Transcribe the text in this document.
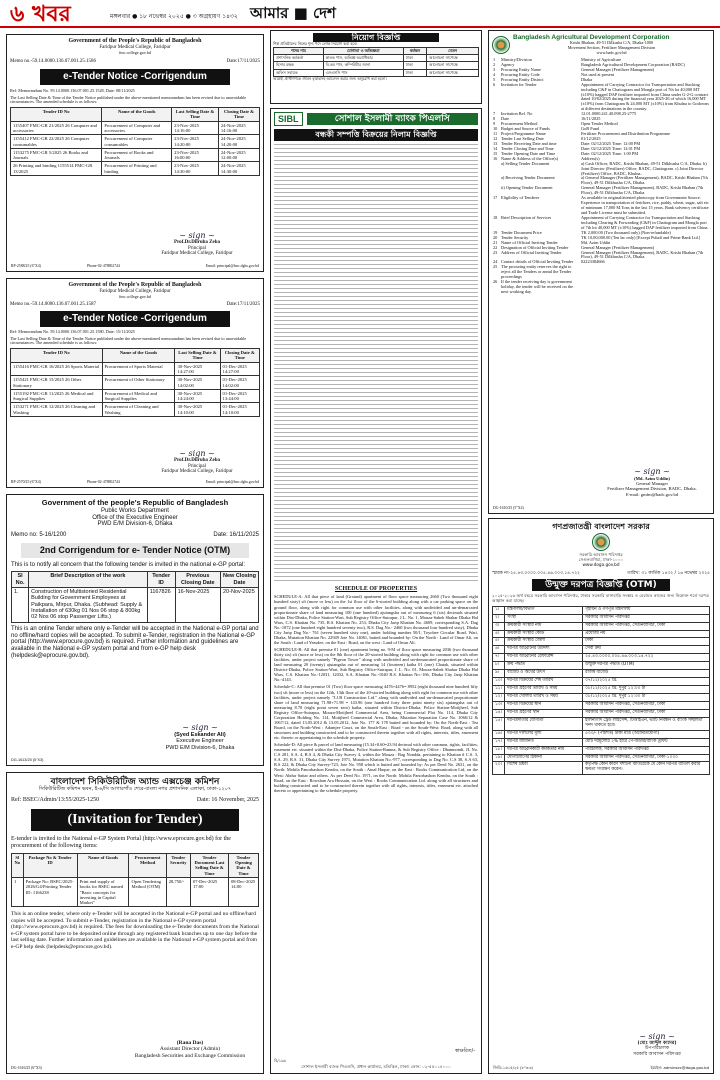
৬ খবর	মঙ্গলবার ● ১৮ নভেম্বর ২০২৫ ● ৩ অগ্রহায়ণ ১৪৩২ আমার ■ দেশ
Government of the People's Republic of Bangladesh
Faridpur Medical College, Faridpur
fmc.college.gov.bd
Memo no.-59.14.0000.136.07.001.25.1586	Date:17/11/2025
e-Tender Notice -Corrigendum
Ref: Memorandum No. 59.14.0000.136.07.001.25.1528, Date: 08/11/2025
The Last Selling Date & Time of the Tender Notice published under the above-mentioned memorandum has been revised due to unavoidable circumstances. The amended schedule is as follows:
Tender ID No	Name of the Goods	Last Selling Date & Time	Closing Date & Time
1155407 FMC-GR 21/2025 26 Computer and accessories	Procurement of Computer and accessories	23-Nov-2025 14:16:00	24-Nov-2025 14:16:00
1155412 FMC-GR 22/2025 26 Computer consumables	Procurement of Computer consumables	23-Nov-2025 14:20:00	24-Nov-2025 14:20:00
1153275 FMC-GR 5/2025 26 Books and Journals	Procurement of Books and Journals	23-Nov-2025 16:00:00	24-Nov-2025 12:00:00
26 Printing and binding 1155514 FMC-GR 13/2025	Procurement of Printing and binding	23-Nov-2025 14:30:00	24-Nov-2025 14:30:00
~ sign ~
Prof.Dr.Dilruba Zeba
Principal
Faridpur Medical College, Faridpur
RP-2588/25 (6"X4)	Phone-02-478802744	Email: principal@fmc.dghs.gov.bd
Government of the People's Republic of Bangladesh
Faridpur Medical College, Faridpur
fmc.college.gov.bd
Memo no.-59.14.0000.136.07.001.25.1587	Date:17/11/2025
e-Tender Notice -Corrigendum
Ref: Memorandum No. 59.14.0000.136.07.001.25.1580, Date: 15/11/2025
The Last Selling Date & Time of the Tender Notice published under the above-mentioned memorandum has been revised due to unavoidable circumstances. The amended schedule is as follows:
Tender ID No	Name of the Goods	Last Selling Date & Time	Closing Date & Time
1155416 FMC-GR 16/2025 26 Sports Material	Procurement of Sports Material	30-Nov-2025 14:27:00	01-Dec-2025 14:27:00
1155421 FMC-GR 15/2025 26 Other Stationary	Procurement of Other Stationary	30-Nov-2025 14:02:00	01-Dec-2025 14:02:00
1155192 FMC-GR 11/2025 26 Medical and Surgical Supplies	Procurement of Medical and Surgical Supplies	30-Nov-2025 14:24:00	01-Dec-2025 13:44:00
1153271 FMC-GR 12/2025 26 Cleaning and Washing	Procurement of Cleaning and Washing	30-Nov-2025 14:10:00	01-Dec-2025 14:10:00
~ sign ~
Prof.Dr.Dilruba Zeba
Principal
Faridpur Medical College, Faridpur
RP-2570/25 (6"X4)	Phone-02-478802744	Email: principal@fmc.dghs.gov.bd
Government of the people's Republic of Bangladesh
Public Works Department
Office of the Executive Engineer
PWD E/M Division-6, Dhaka
Memo no: 5-16/1200	Date: 16/11/2025
2nd Corrigendum for e- Tender Notice (OTM)
This is to notify all concern that the following tender is invited in the national e-GP portal:
Sl No.	Brief Description of the work	Tender ID	Previous Closing Date	New Closing Date
1.	Construction of Multistoried Residential Building for Government Employees at Paikpara, Mirpur, Dhaka. (Subhead: Supply & Installation of 630kg 01 Nos 06 stop & 800kg 02 Nos 06 stop Passenger Lifts.)	1167826	16-Nov-2025	20-Nov-2025
This is an online Tender where only e-Tender will be accepted in the National e-GP portal and no offline/hard copies will be accepted. To submit e-Tender, registration in the National e-GP portal (http://www.eprocure.gov.bd) is required. Further information and guidelines are available in the National e-GP system portal and from e-GP help desk (helpdesk@eprocure.gov.bd).
~ sign ~
(Syed Eskander Ali)
Executive Engineer
PWD E/M Division-6, Dhaka
DG-1613/25 (5"X3)
বাংলাদেশ সিকিউরিটিজ অ্যান্ড এক্সচেঞ্জ কমিশন
সিকিউরিটিজ কমিশন ভবন, ই-৬/সি আগারগাঁও শেরে-বাংলা নগর প্রশাসনিক এলাকা, ঢাকা-১২০৭
Ref: BSEC/Admin/13:55/2025-1250	Date: 16 November, 2025
(Invitation for Tender)
E-tender is invited to the National e-GP System Portal (http://www.eprocure.gov.bd) for the procurement of the following items:
Sl No	Package No & Tender ID	Name of Goods	Procurement Method	Tender Security	Tender Document Last Selling Date & Time	Tender Opening Date & Time
1	Package No: BSEC/2025-2026/G4/Printing Tender ID: 1166238	Print and supply of books for BSEC named "Basic concepts for investing in Capital Market"	Open Tendering Method (OTM)	28,750/-	07-Dec-2025 17:00	08-Dec-2025 14:00
This is an online tender, where only e-Tender will be accepted in the National e-GP portal and no offline/hard copies will be accepted. To submit e-Tender, registration in the National e-GP system portal (http://www.eprocure.gov.bd) is required. The fees for downloading the e-Tender documents from the National e-GP system portal have to be deposited online through any registered bank branches up to one day before the last selling date. Further information and guidelines are available in the National e-GP system portal and from e-GP help desk (helpdesk@eprocure.gov.bd).
(Rana Das)
Assistant Director (Admin)
Bangladesh Securities and Exchange Commission
DG-1616/25 (6"X3)
নিয়োগ বিজ্ঞপ্তি
শিল্প প্রতিষ্ঠানের নিম্নের শূন্য পদে লোক নিয়োগ করা হবে।
পদের নাম	যোগ্যতা ও অভিজ্ঞতা	কর্মস্থল	বেতন
প্রশাসনিক কর্মকর্তা	স্নাতক পাস, অভিজ্ঞ অগ্রাধিকার	ঢাকা	আলোচনা সাপেক্ষে
হিসাব রক্ষক	বি.কম পাস, কম্পিউটার জানা	ঢাকা	আলোচনা সাপেক্ষে
অফিস সহায়ক	এসএসসি পাস	ঢাকা	আলোচনা সাপেক্ষে
আগ্রহী প্রার্থীগণকে জীবন বৃত্তান্তসহ আবেদন করার জন্য অনুরোধ করা হলো।
SIBL	সোশাল ইসলামী ব্যাংক পিএলসি
বন্ধকী সম্পত্তি বিক্রয়ের নিলাম বিজ্ঞপ্তি
SCHEDULE OF PROPERTIES
SCHEDULE-A: All that piece of land (Ground) apartment of floor space measuring 2660 (Two thousand eight hundred sixty) sft (more or less) on the 1st floor of the 6-storied building along with a car parking space on the ground floor, along with right for common use with other facilities, along with undivided and un-demarcated proportionate share of land measuring 100 (one hundred) ajutangsha out of measuring 6 (six) decimals situated within Dist-Dhaka, Police Station-Wari, Sub Registry Office-Sutrapur, J.L. No. 1, Mouza-Sabek Shahar Dhaka Hal Wars, C.S. Khatian No. 735, R.S. Khatian No. 253, Dhaka City Jarip Khatian No. 4609, corresponding S.A. Dag No.-1872 (one hundred eight hundred seventy two), R.S. Dag No.- 2460 (two thousand four hundred sixty), Dhaka City Jarip Dag No.- 761 (seven hundred sixty one), under holding number 50/1, Toyobee Circular Road, Wari, Dhaka, Mutation Khatian No. 22949 Jote No. 14061, butted and bounded by: On the North : Land of Omar Ali, on the South : Land of Yeasdee, on the East : Road, on the west : Land of Omar Ali.
SCHEDULE-B: All that premise 01 (one) apartment being no. 9-M of floor space measuring 2036 (two thousand thirty six) sft (more or less) on the 8th floor of the 20-storied building along with right for common use with other facilities, under project namely "Pigeon Tower" along with undivided and un-demarcated proportionate share of land measuring 20 (twenty) ajutangsha out of measuring 14 (fourteen) katha 01 (one) Chatak, situated within District-Dhaka, Police Station-Wari, Sub Registry Office-Sutrapur, J. L. No. 01, Mouza-Sabek Shahar Dhaka Hal Wars, C.S. Khatian No.-12031, 12032, S.A. Khatian No.-1040 R.S. Khatian No.-166, Dhaka City Jarip Khatian No.-4143.
Schedule-C: All that premise 01 (Two) floor space measuring 4476+4476= 8952 (eight thousand nine hundred fifty two) sft (more or less) on the 12th, 13th floor of the 20-storied building along with right for common use with other facilities, under project namely "J.J.B Construction Ltd." along with undivided and un-demarcated proportionate share of land measuring 71.98+71.98 = 143.96 (one hundred forty three point ninety six) ajutangsha out of measuring 8.70 (eight point seven zero) katha, situated within District-Dhaka, Police Station-Motijheel, Sub Registry Office-Sutrapur, Mouza-Motijheel Commercial Area, being Commercial Plot No. 114, Dhaka City Corporation Holding No. 114, Motijheel Commercial Area, Dhaka, Mutation Separation Case No. 1066/12 & 1067/12, dated 13.05.2012 & 13.05.2012, Jote No. 177 & 178 butted and bounded by: On the North-East : Tea Board, on the North-West : Adamjee Court, on the South-East : Road - on the South-West: Road, along with all structures and building constructed and to be constructed therein together with all rights, interests, titles, easement etc. thereto or appertaining to the schedule property.
Schedule-D: All piece & parcel of land measuring (15.34+8.60=23.94 decimal with other common, rights, facilities, easement etc. situated within the Dist-Dhaka, Police Station-Ramna, & Sub Registry Office : Dhanmondi, JL No. C.S 281, S.A. 4, R.S 4, & Dhaka City Survey 4, within the Mouza : Bag Nondda, pertaining to Khatian # C.S. 3, S.A. 29, R.S. 31, Dhaka City Survey 1971, Mutation Khatian No.-977, corresponding to Dag No. C.S 38, S.A 63, R.S 222, & Dhaka City Survey-723, Jote No. 958 which is butted and bounded by: As per Deed No. 2631, on the North: Mohila Panorbashon Kendra, on the South : Ainal Haque, on the East : Rooks Communication Ltd, on the West: Abdur Sattar and others. As per Deed No. 1971, on the North: Mohila Panorbashon Kendra, on the South : Road, on the East : Rowshan Ara Hossain, on the West : Rooks Communication Ltd. along with all structures and building constructed and to be constructed therein together with all rights, interests, titles, easement etc. attached thereto or appertaining to the schedule property.
স্বাক্ষরিত/-
সোশাল ইসলামী ব্যাংক পিএলসি, প্রধান কার্যালয়, মতিঝিল, ঢাকা। ফোন: ০২-৫৫০১৪০০০
বি/১৯৬
Bangladesh Agricultural Development Corporation
Krishi Bhaban, 49-51 Dilkusha C/A, Dhaka-1000
Movement Section, Fertilizer Management Division
www.badc.gov.bd
1	Ministry/Division	Ministry of Agriculture
2	Agency	Bangladesh Agricultural Development Corporation (BADC)
3	Procuring Entity Name	General Manager (Fertilizer Management)
4	Procuring Entity Code	Not used at present
5	Procuring Entity District	Dhaka
6	Invitation for Tender	Appointment of Carrying Contractor for Transportation and Stacking including C&F in Chattogram and Mongla port of 7th lot 40,000 MT (±10%) bagged DAP fertilizer imported from China under G-2-G contract dated 10/02/2025 during the financial year 2025-26 of which 16,000 MT (±10%) from Chattogram & 24,000 MT (±10%) from Khulna to Godowns at different destinations in the country.
7	Invitation Ref. No	12.01.0000.241.40.098.25-2775
8	Date	16/11/2025
9	Procurement Method	Open Tender Method
10	Budget and Source of Funds	GoB Fund
11	Project/Programme Name	Fertilizer Procurement and Distribution Programme
12	Tender Last Selling Date	01/12/2025
13	Tender Receiving Date and time	Date: 02/12/2025 Time: 12:00 PM
14	Tender Closing Date and Time	Date: 02/12/2025 Time: 12:01 PM
15	Tender Opening Date and Time	Date: 02/12/2025 Time: 1:00 PM
16	Name & Address of the Office(s)	Address(s)
	a) Selling Tender Document	a) Cash Officer, BADC, Krishi Bhaban, 49-51 Dilkhusha C/A, Dhaka. b) Joint Director (Fertilizer) Office, BADC, Chattogram. c) Joint Director (Fertilizer) Office, BADC, Khulna.
	a) Receiving Tender Document	a) General Manager (Fertilizer Management), BADC, Krishi Bhaban (7th Floor), 49-51 Dilkhusha C/A, Dhaka.
	ii) Opening Tender Document	General Manager (Fertilizer Management), BADC, Krishi Bhaban (7th Floor), 49-51 Dilkhusha C/A, Dhaka.
17	Eligibility of Tenderer	As available in original/attested photocopy from Government Source. Experience in transportation of fertilizer, rice, paddy, wheat, sugar, salt etc of minimum 17,000 M.Tons in the last 15 years. Bank solvency certificate and Trade License must be submitted.
18	Brief Description of Services	Appointment of Carrying Contractor for Transportation and Stacking including Clearing & Forwarding (C&F) in Chattogram and Mongla port of 7th lot 40,000 MT (±10%) bagged DAP fertilizer imported from China.
19	Tender Document Price	TK 2,000.00 (Two thousand only) (Non-refundable)
20	Tender Security	TK 10,00,000.00 (Ten lac only) [Except Pubali and Prime Bank Ltd.]
21	Name of Official Inviting Tender	Md. Azim Uddin
22	Designation of Official Inviting Tender	General Manager (Fertilizer Management)
23	Address of Official Inviting Tender	General Manager (Fertilizer Management), BADC, Krishi Bhaban (7th Floor), 49-51 Dilkhusha C/A, Dhaka.
24	Contact details of Official Inviting Tender	02223384666
25	The procuring entity reserves the right to reject all the Tenders or annul the Tender proceedings	
26	If the tender receiving day is government holiday, the tender will be received on the next working day.	
~ sign ~
(Md. Azim Uddin)
General Manager
Fertilizer Management Division, BADC, Dhaka.
E-mail: gmfm@badc.gov.bd
DG-1610/25 (5"X4)
গণপ্রজাতন্ত্রী বাংলাদেশ সরকার
সরকারি আবাসন পরিদপ্তর
সেগুনবাগিচা, ঢাকা-১০০০
www.doga.gov.bd
স্মারক নং-২৫.৪৩.০০০০.০০৫.৪৬.০০৩.১৪.৭২২	তারিখ: ৩১ কার্তিক ১৪৩২ / ১৬ নভেম্বর ২০২৫
উন্মুক্ত দরপত্র বিজ্ঞপ্তি (OTM)
২০২৫-২০২৬ অর্থ বছরে সরকারি আবাসন পরিদপ্তর, ঢাকার সরকারি বাসাবাড়ি সংস্কার ও মেরামত কাজের জন্য নিম্নোক্ত শর্তে দরপত্র আহ্বান করা যাচ্ছে।
১।	মন্ত্রণালয়/বিভাগ	গৃহায়ন ও গণপূর্ত মন্ত্রণালয়
২।	সংস্থা	সরকারি আবাসন পরিদপ্তর
৩।	ক্রয়কারী সংস্থার নাম	সরকারি আবাসন পরিদপ্তর, সেগুনবাগিচা, ঢাকা
৪।	ক্রয়কারী সংস্থার কোড	প্রযোজ্য নয়
৫।	ক্রয়কারী সংস্থার জেলা	ঢাকা
৬।	দরপত্র আহ্বানের উদ্দেশ্য	সেবা ক্রয়
৭।	দরপত্র আহ্বানের রেফারেন্স	২৫.৪৩.০০০০.০০৫.৪৬.০০৩.১৪.৭২২
৮।	ক্রয় পদ্ধতি	উন্মুক্ত দরপত্র পদ্ধতি (OTM)
৯।	বাজেট ও অর্থের উৎস	রাজস্ব বাজেট
১০।	দরপত্র বিক্রয়ের শেষ তারিখ	০৭/১২/২০২৫ খ্রি.
১১।	দরপত্র গ্রহণের তারিখ ও সময়	০৮/১২/২০২৫ খ্রি. দুপুর ১২:০০ টা
১২।	দরপত্র খোলার তারিখ ও সময়	০৮/১২/২০২৫ খ্রি. দুপুর ১২:৩০ টা
১৩।	দরপত্র বিক্রয়ের স্থান	সরকারি আবাসন পরিদপ্তর, সেগুনবাগিচা, ঢাকা
১৪।	দরপত্র গ্রহণের স্থান	সরকারি আবাসন পরিদপ্তর, সেগুনবাগিচা, ঢাকা
১৫।	দরপত্রদাতার যোগ্যতা	হালনাগাদ ট্রেড লাইসেন্স, টিআইএন, ভ্যাট নিবন্ধন ও ব্যাংক সচ্ছলতা সনদ থাকতে হবে।
১৬।	দরপত্র দলিলের মূল্য	৫০০/- (পাঁচশত) টাকা মাত্র (অফেরতযোগ্য)
১৭।	দরপত্র জামানত	মোট দরমূল্যের ২% হারে পে-অর্ডার/ব্যাংক ড্রাফট
১৮।	দরপত্র আহ্বানকারী কর্মকর্তার নাম	পরিচালক, সরকারি আবাসন পরিদপ্তর
১৯।	যোগাযোগের ঠিকানা	সরকারি আবাসন পরিদপ্তর, সেগুনবাগিচা, ঢাকা-১০০০
২০।	বিশেষ দ্রষ্টব্য	কর্তৃপক্ষ কোন কারণ দর্শানো ব্যতিরেকে যে কোন দরপত্র বাতিল করার ক্ষমতা সংরক্ষণ করেন।
~ sign ~
(মোঃ আব্দুল কাদের)
উপপরিচালক
সরকারি আবাসন পরিদপ্তর
জিডি-১৬১৫/২৫ (৮"×৩)	ইমেইল: adminsec@doga.gov.bd
